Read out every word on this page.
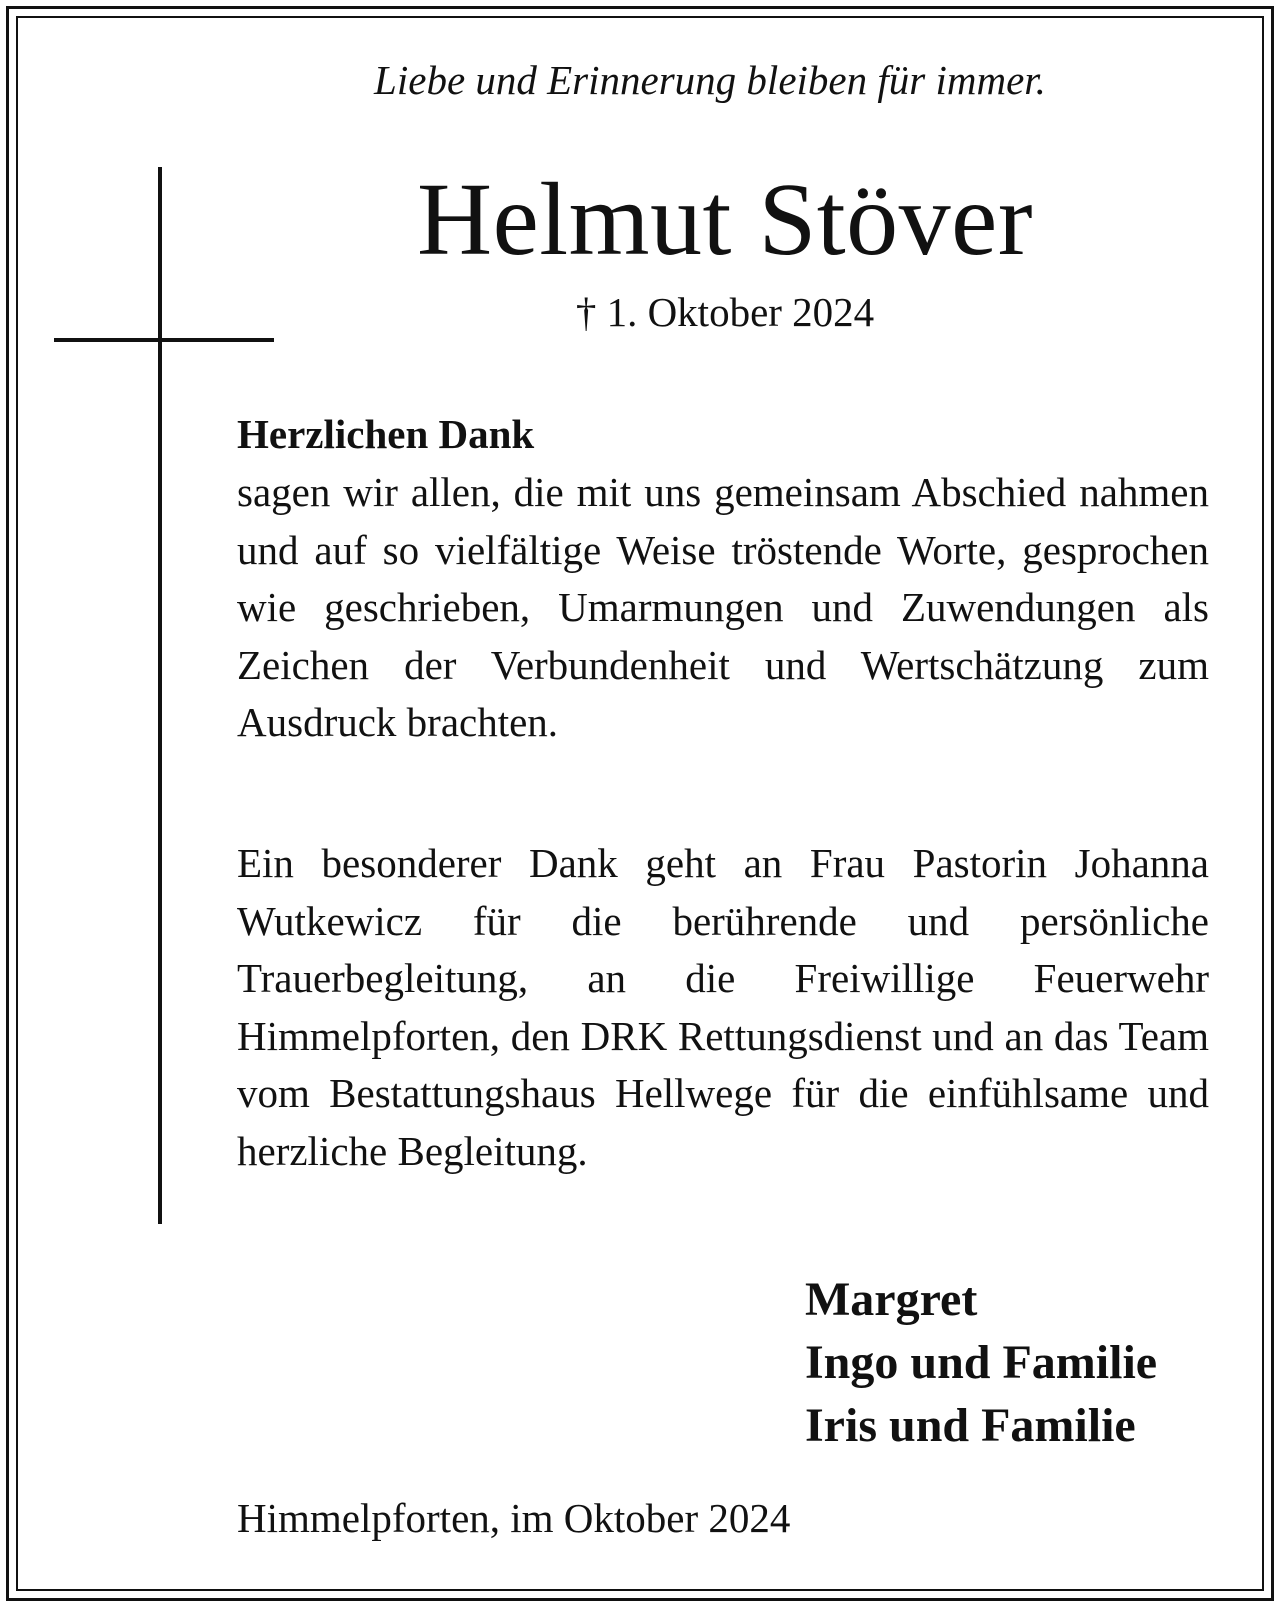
Liebe und Erinnerung bleiben für immer.
Helmut Stöver
† 1. Oktober 2024
Herzlichen Dank
sagen wir allen, die mit uns gemeinsam Abschied nahmen und auf so vielfältige Weise tröstende Worte, gesprochen wie geschrieben, Umarmungen und Zuwendungen als Zeichen der Verbundenheit und Wertschätzung zum Ausdruck brachten.
Ein besonderer Dank geht an Frau Pastorin Johanna Wutkewicz für die berührende und persönliche Trauerbegleitung, an die Freiwillige Feuerwehr Himmelpforten, den DRK Rettungsdienst und an das Team vom Bestattungshaus Hellwege für die einfühlsame und herzliche Begleitung.
Margret
Ingo und Familie
Iris und Familie
Himmelpforten, im Oktober 2024
